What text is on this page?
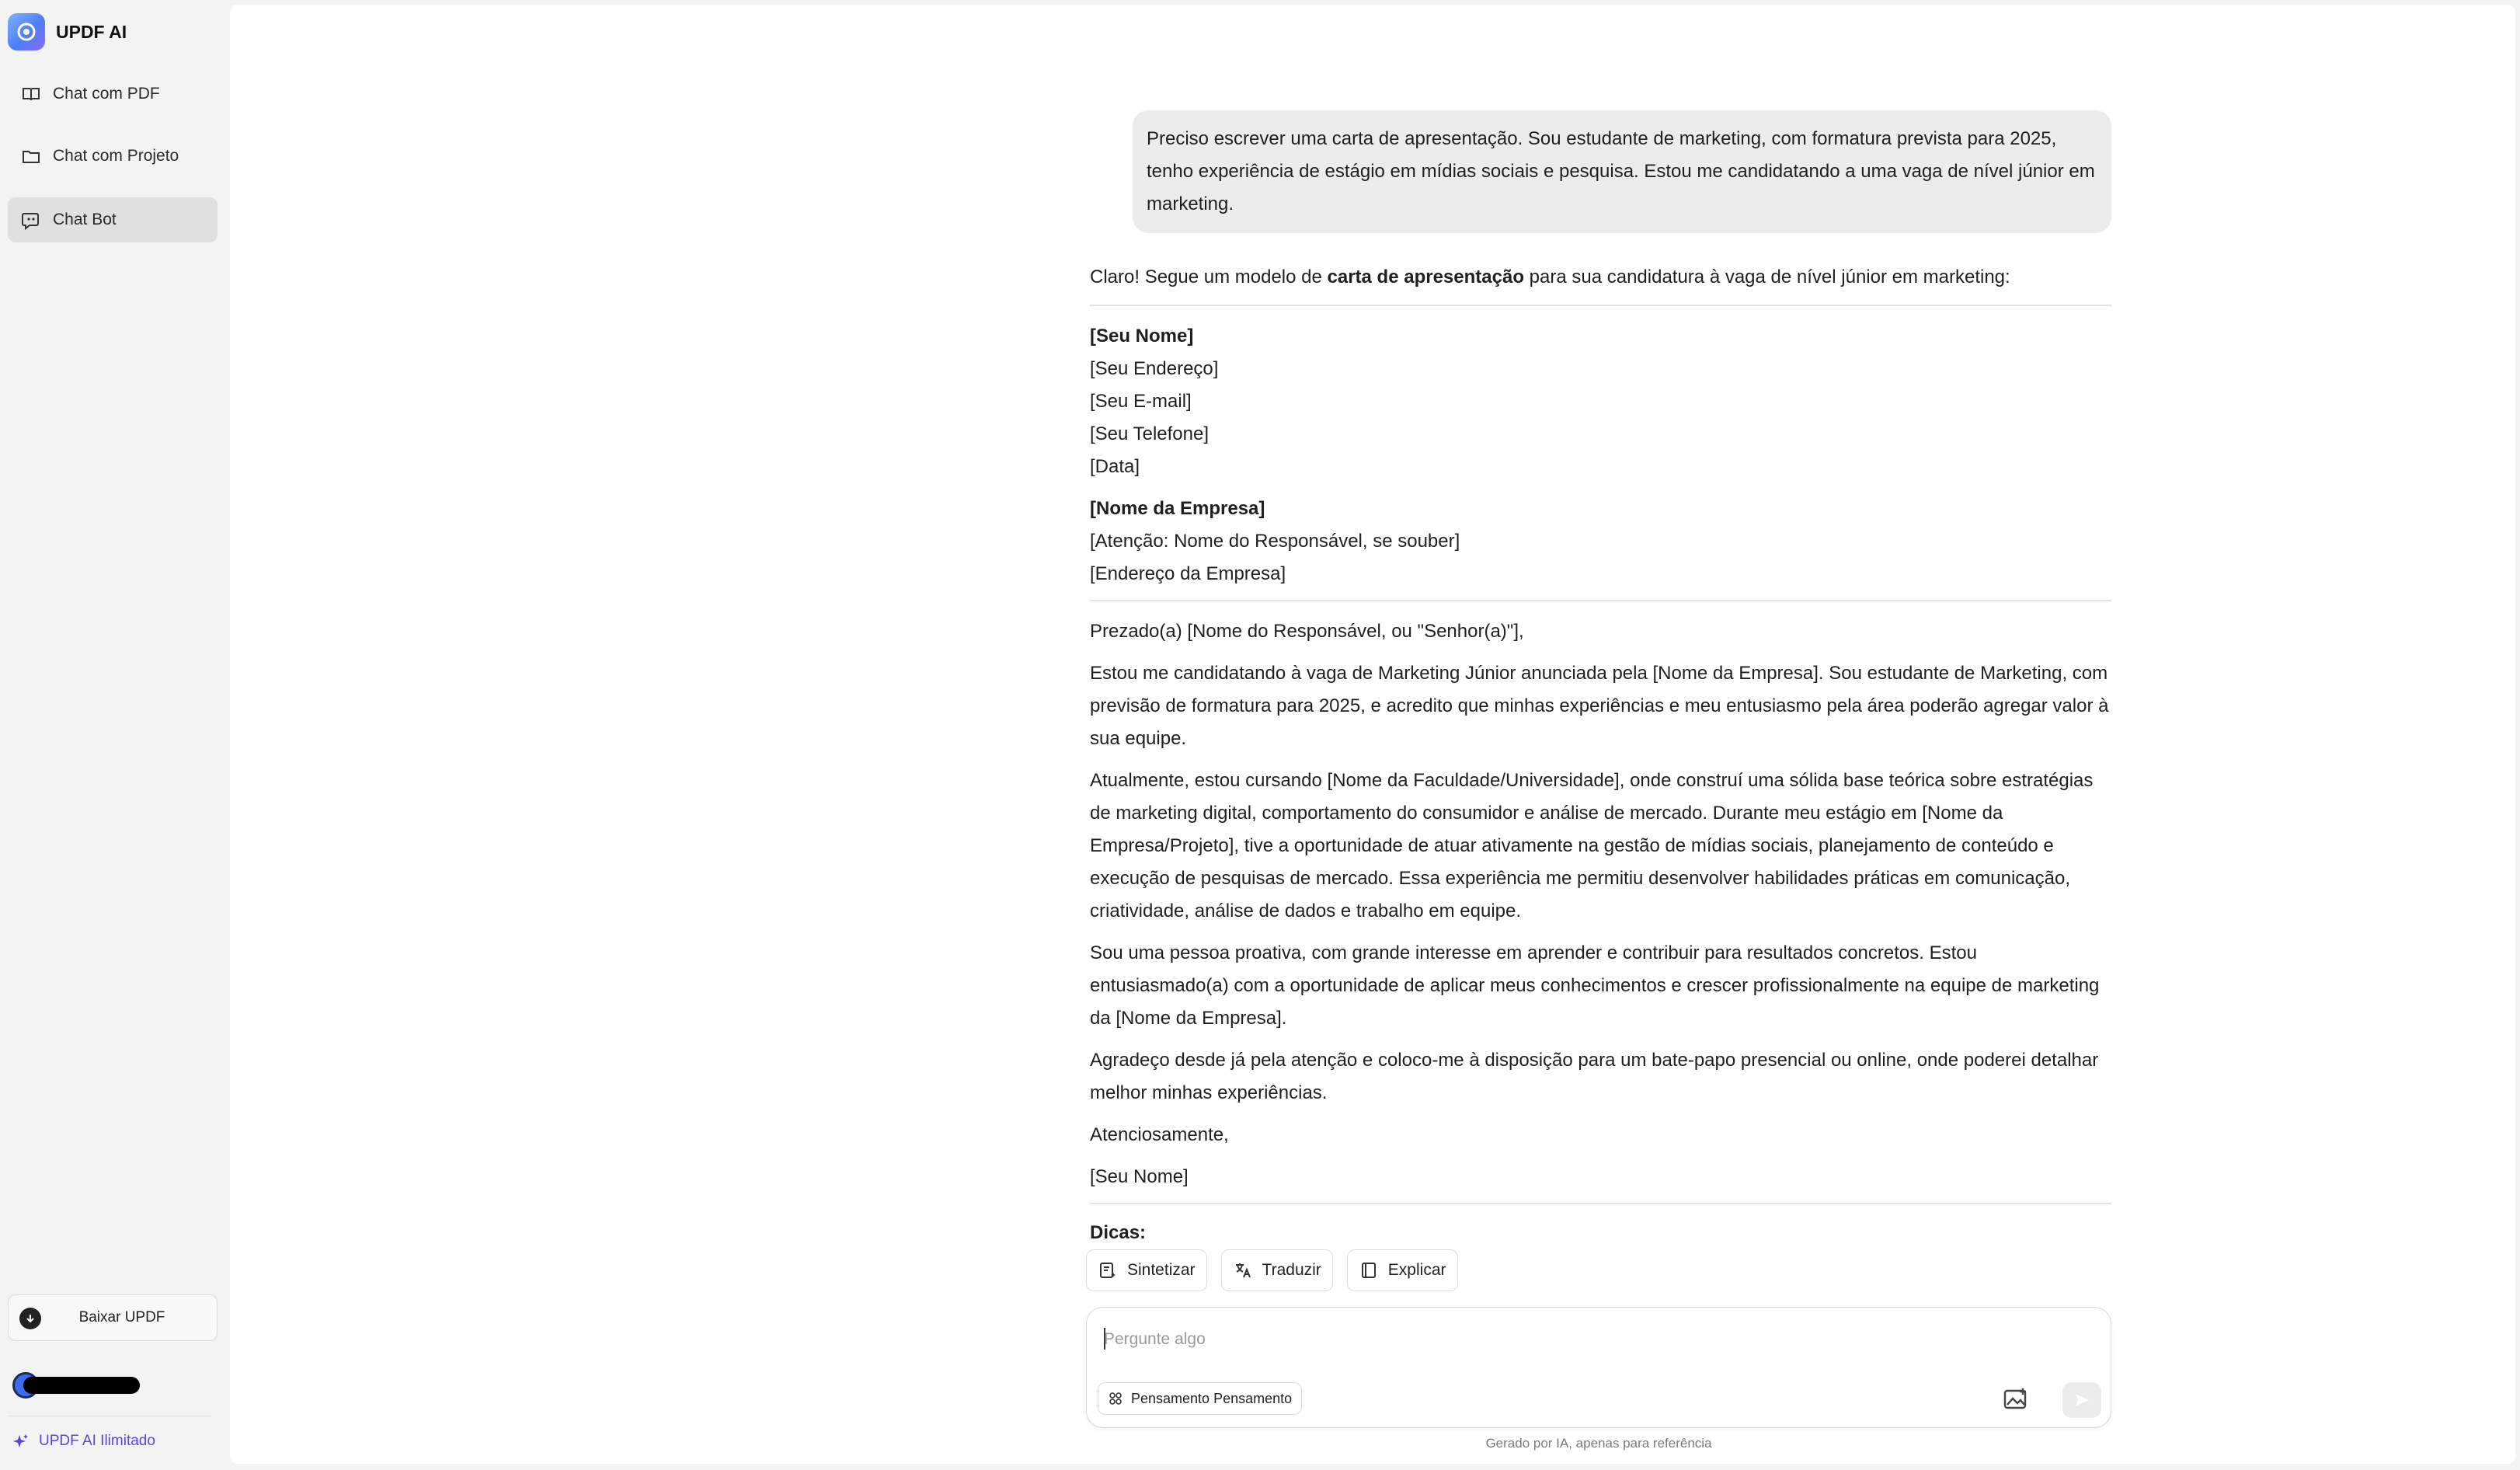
UPDF AI
Chat com PDF
Chat com Projeto
Chat Bot
Baixar UPDF
UPDF AI Ilimitado
Preciso escrever uma carta de apresentação. Sou estudante de marketing, com formatura prevista para 2025, tenho experiência de estágio em mídias sociais e pesquisa. Estou me candidatando a uma vaga de nível júnior em marketing.

Claro! Segue um modelo de carta de apresentação para sua candidatura à vaga de nível júnior em marketing:

[Seu Nome]

[Seu Endereço]

[Seu E-mail]

[Seu Telefone]

[Data]

[Nome da Empresa]

[Atenção: Nome do Responsável, se souber]

[Endereço da Empresa]

Prezado(a) [Nome do Responsável, ou "Senhor(a)"],

Estou me candidatando à vaga de Marketing Júnior anunciada pela [Nome da Empresa]. Sou estudante de Marketing, com previsão de formatura para 2025, e acredito que minhas experiências e meu entusiasmo pela área poderão agregar valor à sua equipe.

Atualmente, estou cursando [Nome da Faculdade/Universidade], onde construí uma sólida base teórica sobre estratégias de marketing digital, comportamento do consumidor e análise de mercado. Durante meu estágio em [Nome da Empresa/Projeto], tive a oportunidade de atuar ativamente na gestão de mídias sociais, planejamento de conteúdo e execução de pesquisas de mercado. Essa experiência me permitiu desenvolver habilidades práticas em comunicação, criatividade, análise de dados e trabalho em equipe.

Sou uma pessoa proativa, com grande interesse em aprender e contribuir para resultados concretos. Estou entusiasmado(a) com a oportunidade de aplicar meus conhecimentos e crescer profissionalmente na equipe de marketing da [Nome da Empresa].

Agradeço desde já pela atenção e coloco-me à disposição para um bate-papo presencial ou online, onde poderei detalhar melhor minhas experiências.

Atenciosamente,

[Seu Nome]

Dicas:

Sintetizar	Traduzir	Explicar
Pergunte algo
Pensamento Pensamento
Gerado por IA, apenas para referência
